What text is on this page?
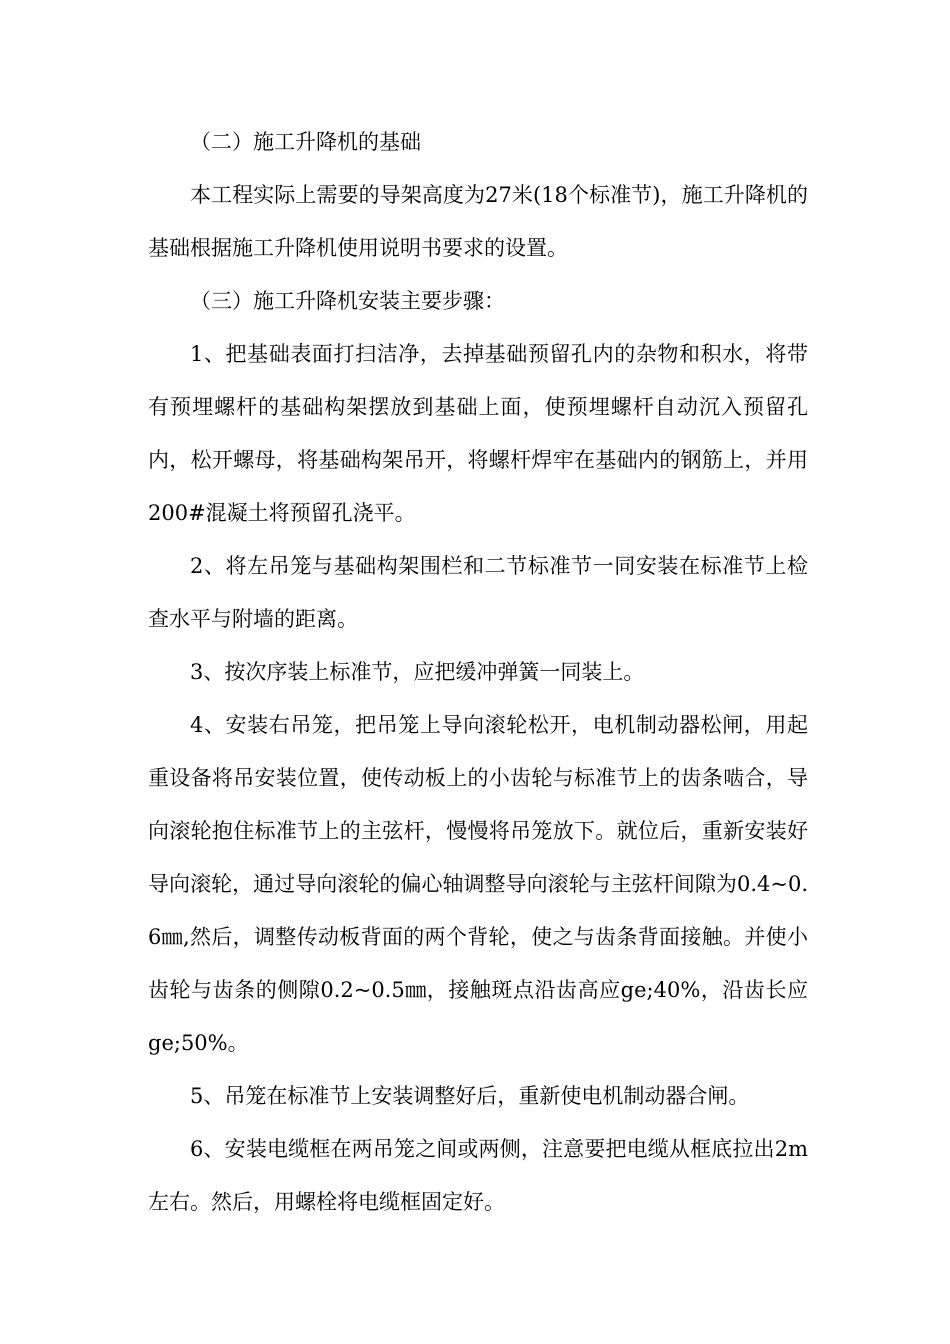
（二）施工升降机的基础

本工程实际上需要的导架高度为27米(18个标准节)，施工升降机的基础根据施工升降机使用说明书要求的设置。

（三）施工升降机安装主要步骤：

1、把基础表面打扫洁净，去掉基础预留孔内的杂物和积水，将带有预埋螺杆的基础构架摆放到基础上面，使预埋螺杆自动沉入预留孔内，松开螺母，将基础构架吊开，将螺杆焊牢在基础内的钢筋上，并用200#混凝土将预留孔浇平。

2、将左吊笼与基础构架围栏和二节标准节一同安装在标准节上检查水平与附墙的距离。

3、按次序装上标准节，应把缓冲弹簧一同装上。

4、安装右吊笼，把吊笼上导向滚轮松开，电机制动器松闸，用起重设备将吊安装位置，使传动板上的小齿轮与标准节上的齿条啮合，导向滚轮抱住标准节上的主弦杆，慢慢将吊笼放下。就位后，重新安装好导向滚轮，通过导向滚轮的偏心轴调整导向滚轮与主弦杆间隙为0.4~0.6㎜,然后，调整传动板背面的两个背轮，使之与齿条背面接触。并使小齿轮与齿条的侧隙0.2~0.5㎜，接触斑点沿齿高应ge;40%，沿齿长应ge;50%。

5、吊笼在标准节上安装调整好后，重新使电机制动器合闸。

6、安装电缆框在两吊笼之间或两侧，注意要把电缆从框底拉出2m左右。然后，用螺栓将电缆框固定好。
